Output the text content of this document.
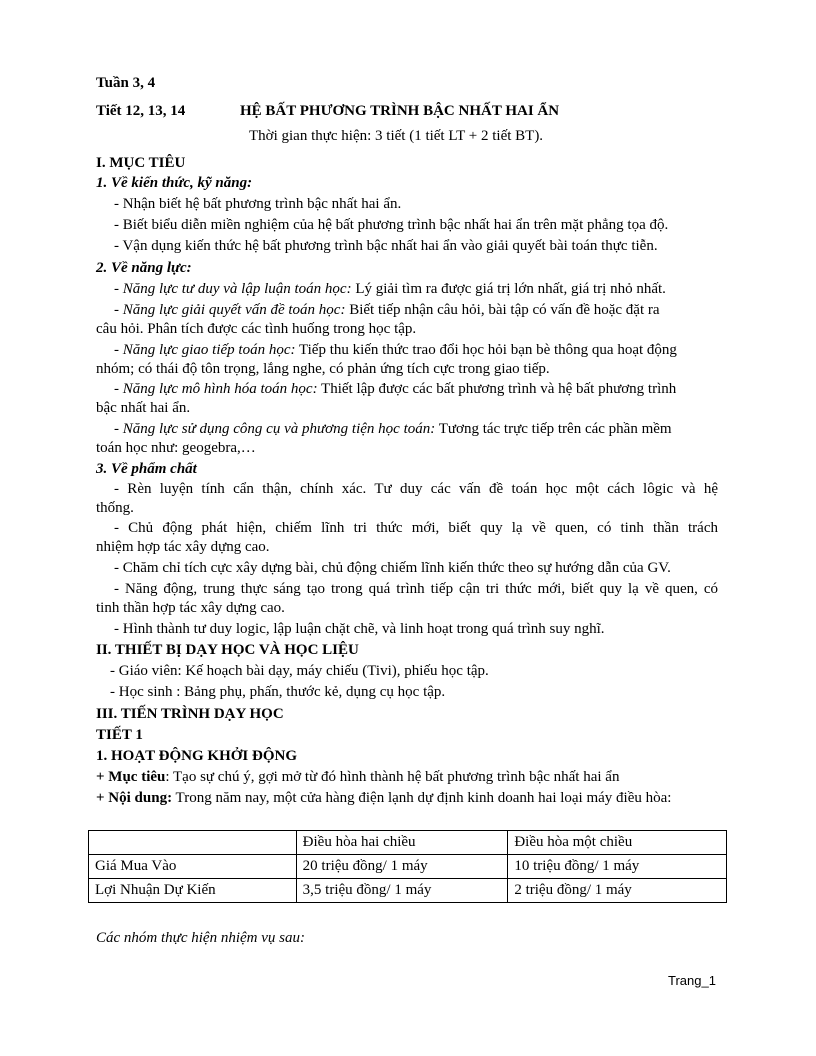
Tuần 3, 4
Tiết 12, 13, 14	HỆ BẤT PHƯƠNG TRÌNH BẬC NHẤT HAI ẨN
Thời gian thực hiện: 3 tiết (1 tiết LT + 2 tiết BT).
I. MỤC TIÊU
1. Về kiến thức, kỹ năng:
- Nhận biết hệ bất phương trình bậc nhất hai ẩn.
- Biết biểu diễn miền nghiệm của hệ bất phương trình bậc nhất hai ẩn trên mặt phẳng tọa độ.
- Vận dụng kiến thức hệ bất phương trình bậc nhất hai ẩn vào giải quyết bài toán thực tiễn.
2. Về năng lực:
- Năng lực tư duy và lập luận toán học: Lý giải tìm ra được giá trị lớn nhất, giá trị nhỏ nhất.
- Năng lực giải quyết vấn đề toán học: Biết tiếp nhận câu hỏi, bài tập có vấn đề hoặc đặt ra
câu hỏi. Phân tích được các tình huống trong học tập.
- Năng lực giao tiếp toán học: Tiếp thu kiến thức trao đổi học hỏi bạn bè thông qua hoạt động
nhóm; có thái độ tôn trọng, lắng nghe, có phản ứng tích cực trong giao tiếp.
- Năng lực mô hình hóa toán học: Thiết lập được các bất phương trình và hệ bất phương trình
bậc nhất hai ẩn.
- Năng lực sử dụng công cụ và phương tiện học toán: Tương tác trực tiếp trên các phần mềm
toán học như: geogebra,…
3. Về phẩm chất
- Rèn luyện tính cẩn thận, chính xác. Tư duy các vấn đề toán học một cách lôgic và hệ
thống.
- Chủ động phát hiện, chiếm lĩnh tri thức mới, biết quy lạ về quen, có tinh thần trách
nhiệm hợp tác xây dựng cao.
- Chăm chỉ tích cực xây dựng bài, chủ động chiếm lĩnh kiến thức theo sự hướng dẫn của GV.
- Năng động, trung thực sáng tạo trong quá trình tiếp cận tri thức mới, biết quy lạ về quen, có
tinh thần hợp tác xây dựng cao.
- Hình thành tư duy logic, lập luận chặt chẽ, và linh hoạt trong quá trình suy nghĩ.
II. THIẾT BỊ DẠY HỌC VÀ HỌC LIỆU
- Giáo viên: Kế hoạch bài dạy, máy chiếu (Tivi), phiếu học tập.
- Học sinh : Bảng phụ, phấn, thước kẻ, dụng cụ học tập.
III. TIẾN TRÌNH DẠY HỌC
TIẾT 1
1. HOẠT ĐỘNG KHỞI ĐỘNG
+ Mục tiêu: Tạo sự chú ý, gợi mở từ đó hình thành hệ bất phương trình bậc nhất hai ẩn
+ Nội dung: Trong năm nay, một cửa hàng điện lạnh dự định kinh doanh hai loại máy điều hòa:
	Điều hòa hai chiều	Điều hòa một chiều
Giá Mua Vào	20 triệu đồng/ 1 máy	10 triệu đồng/ 1 máy
Lợi Nhuận Dự Kiến	3,5 triệu đồng/ 1 máy	2 triệu đồng/ 1 máy
Các nhóm thực hiện nhiệm vụ sau:
Trang_1
